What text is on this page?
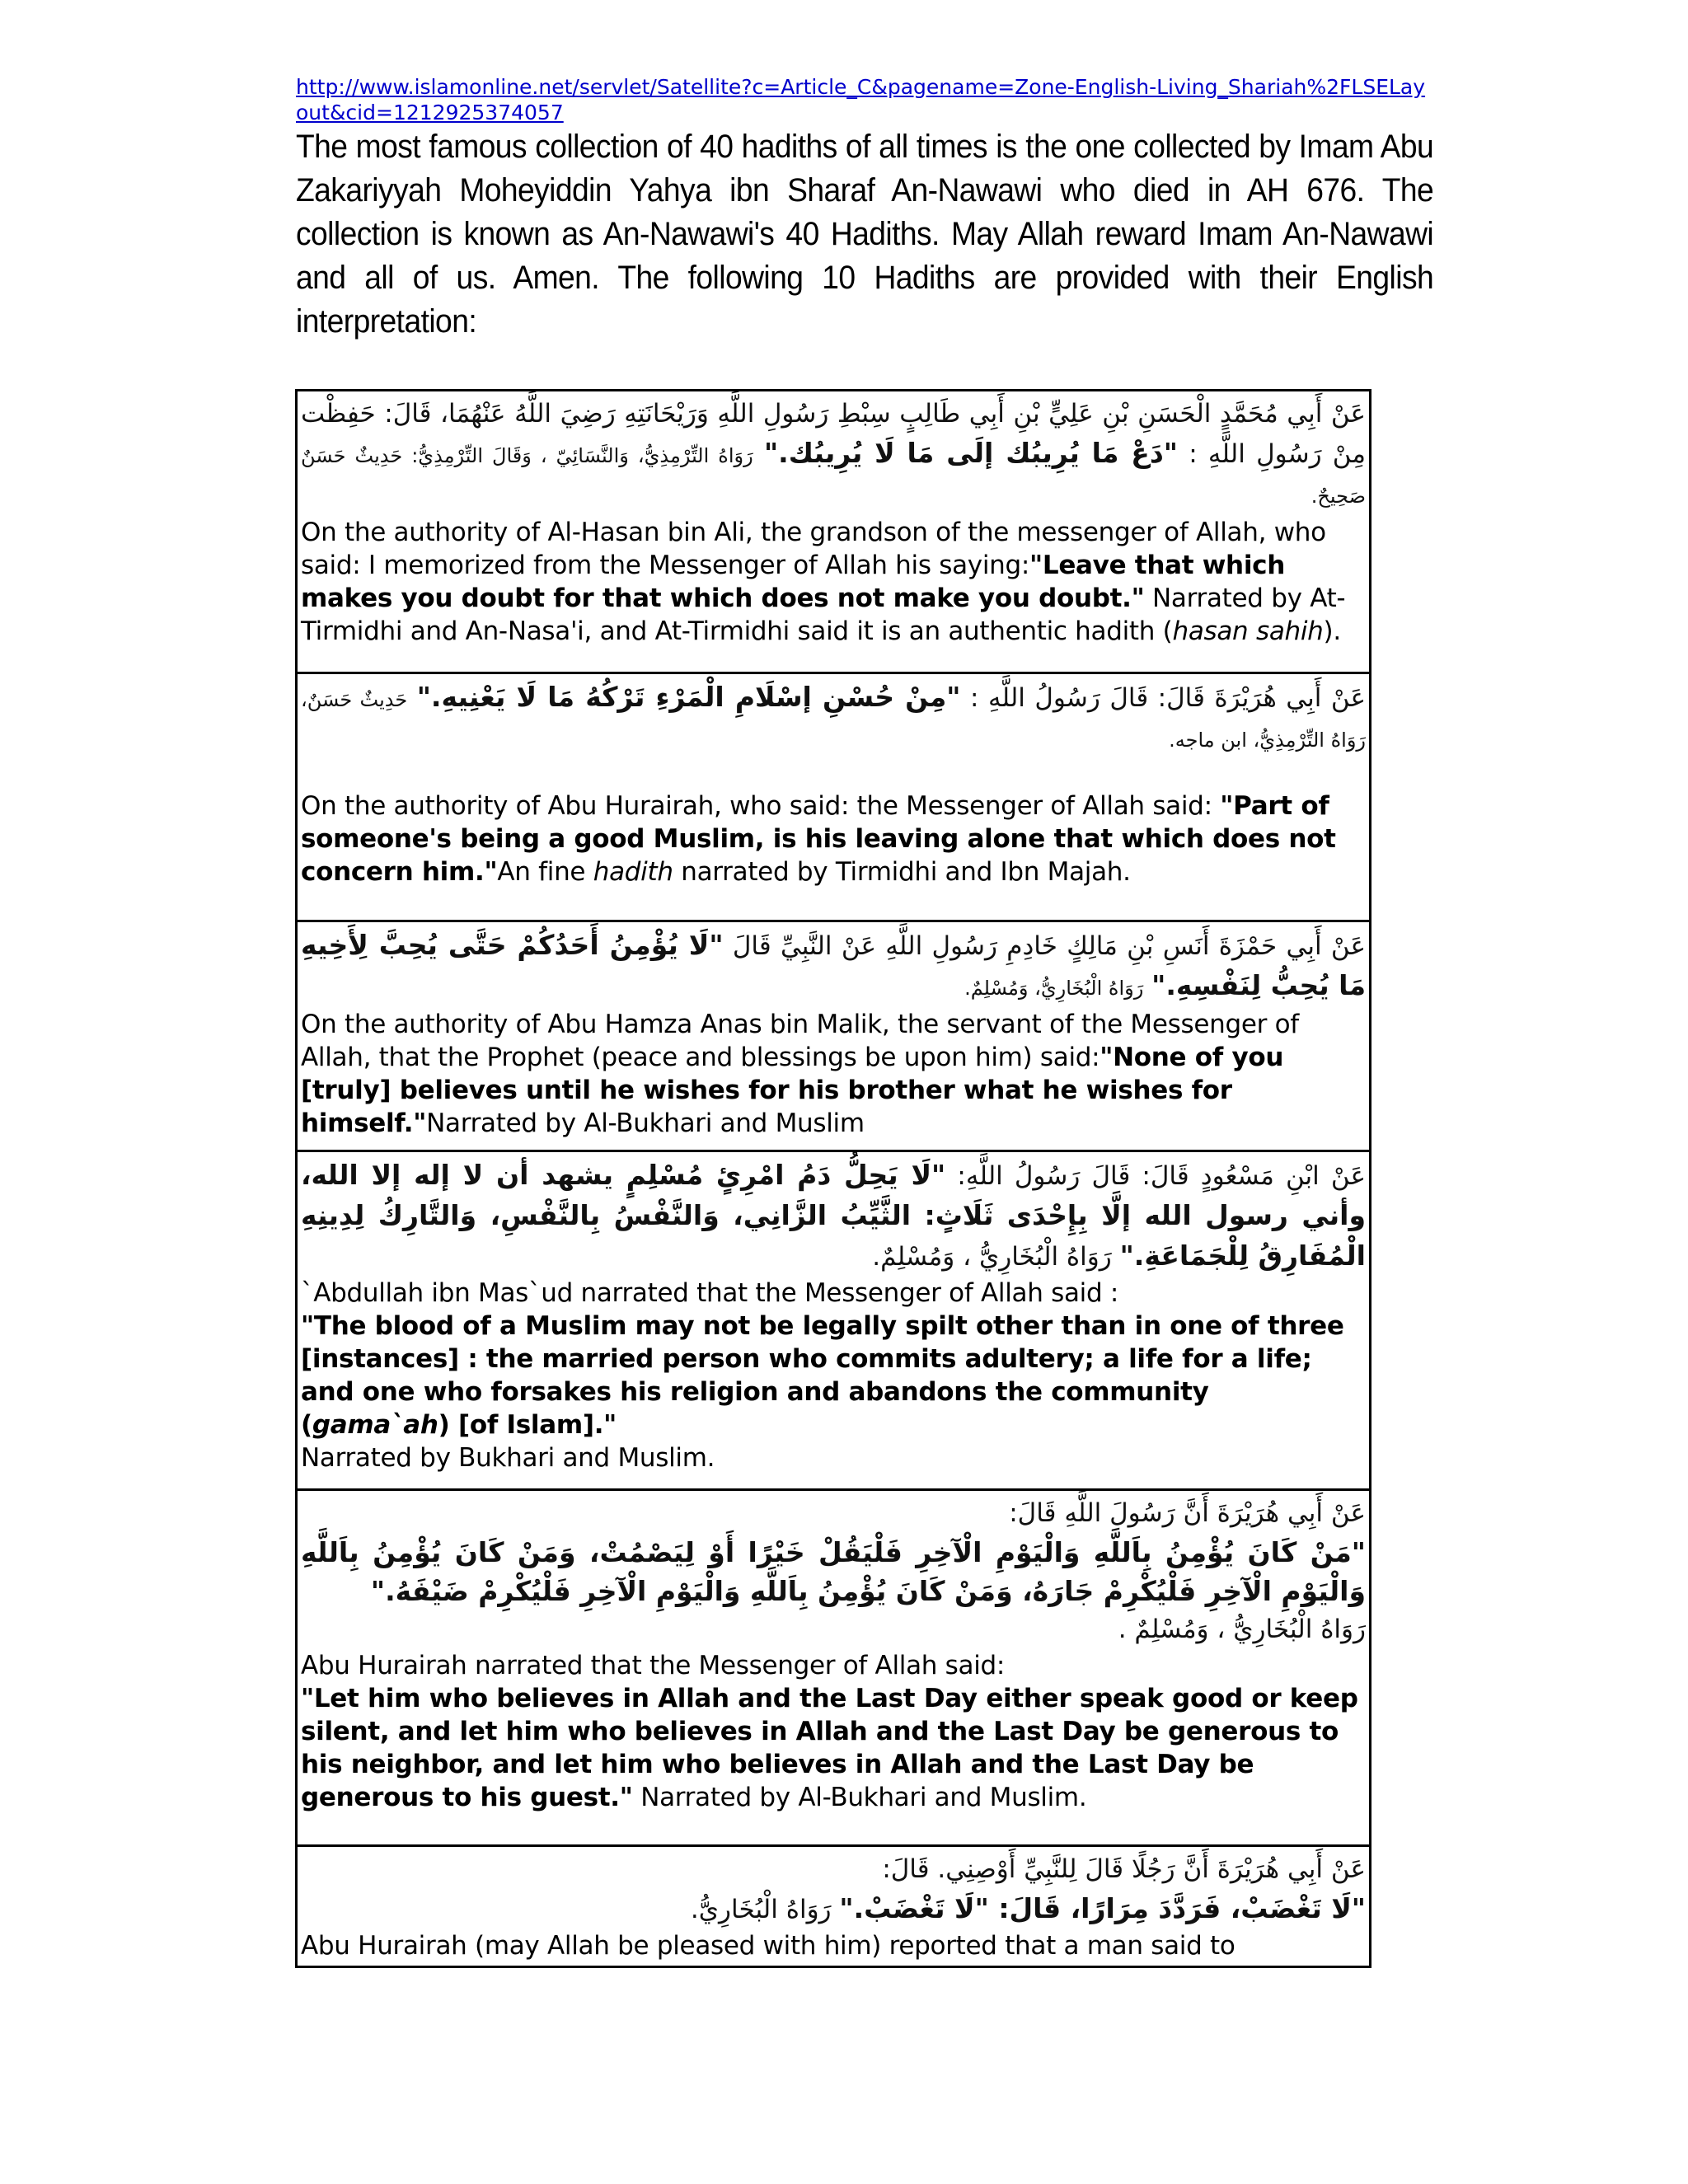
http://www.islamonline.net/servlet/Satellite?c=Article_C&pagename=Zone-English-Living_Shariah%2FLSELayout&cid=1212925374057
The most famous collection of 40 hadiths of all times is the one collected by Imam Abu Zakariyyah Moheyiddin Yahya ibn Sharaf An-Nawawi who died in AH 676. The collection is known as An-Nawawi's 40 Hadiths. May Allah reward Imam An-Nawawi and all of us. Amen. The following 10 Hadiths are provided with their English interpretation:
عَنْ أَبِي مُحَمَّدٍ الْحَسَنِ بْنِ عَلِيٍّ بْنِ أَبِي طَالِبٍ سِبْطِ رَسُولِ اللَّهِ وَرَيْحَانَتِهِ رَضِيَ اللَّهُ عَنْهُمَا، قَالَ: حَفِظْت مِنْ رَسُولِ اللَّهِ : "دَعْ مَا يُرِيبُك إلَى مَا لَا يُرِيبُك." رَوَاهُ التِّرْمِذِيُّ، وَالنَّسَائِيّ ، وَقَالَ التِّرْمِذِيُّ: حَدِيثٌ حَسَنٌ صَحِيحٌ.
On the authority of Al-Hasan bin Ali, the grandson of the messenger of Allah, who said: I memorized from the Messenger of Allah his saying:"Leave that which makes you doubt for that which does not make you doubt." Narrated by At-Tirmidhi and An-Nasa'i, and At-Tirmidhi said it is an authentic hadith (hasan sahih).

عَنْ أَبِي هُرَيْرَةَ قَالَ: قَالَ رَسُولُ اللَّهِ : "مِنْ حُسْنِ إسْلَامِ الْمَرْءِ تَرْكُهُ مَا لَا يَعْنِيهِ." حَدِيثٌ حَسَنٌ، رَوَاهُ التِّرْمِذِيُّ، ابن ماجه.
On the authority of Abu Hurairah, who said: the Messenger of Allah said: "Part of someone's being a good Muslim, is his leaving alone that which does not concern him."An fine hadith narrated by Tirmidhi and Ibn Majah.

عَنْ أَبِي حَمْزَةَ أَنَسِ بْنِ مَالِكٍ خَادِمِ رَسُولِ اللَّهِ عَنْ النَّبِيِّ قَالَ "لَا يُؤْمِنُ أَحَدُكُمْ حَتَّى يُحِبَّ لِأَخِيهِ مَا يُحِبُّ لِنَفْسِهِ." رَوَاهُ الْبُخَارِيُّ، وَمُسْلِمٌ.
On the authority of Abu Hamza Anas bin Malik, the servant of the Messenger of Allah, that the Prophet (peace and blessings be upon him) said:"None of you [truly] believes until he wishes for his brother what he wishes for himself."Narrated by Al-Bukhari and Muslim

عَنْ ابْنِ مَسْعُودٍ قَالَ: قَالَ رَسُولُ اللَّهِ: "لَا يَحِلُّ دَمُ امْرِئٍ مُسْلِمٍ يشهد أن لا إله إلا الله، وأني رسول الله إلَّا بِإِحْدَى ثَلَاثٍ: الثَّيِّبُ الزَّانِي، وَالنَّفْسُ بِالنَّفْسِ، وَالتَّارِكُ لِدِينِهِ الْمُفَارِقُ لِلْجَمَاعَةِ." رَوَاهُ الْبُخَارِيُّ ، وَمُسْلِمٌ.
`Abdullah ibn Mas`ud narrated that the Messenger of Allah said :
"The blood of a Muslim may not be legally spilt other than in one of three [instances] : the married person who commits adultery; a life for a life; and one who forsakes his religion and abandons the community (gama`ah) [of Islam]."
Narrated by Bukhari and Muslim.

عَنْ أَبِي هُرَيْرَةَ أَنَّ رَسُولَ اللَّهِ قَالَ:
"مَنْ كَانَ يُؤْمِنُ بِاَللَّهِ وَالْيَوْمِ الْآخِرِ فَلْيَقُلْ خَيْرًا أَوْ لِيَصْمُتْ، وَمَنْ كَانَ يُؤْمِنُ بِاَللَّهِ وَالْيَوْمِ الْآخِرِ فَلْيُكْرِمْ جَارَهُ، وَمَنْ كَانَ يُؤْمِنُ بِاَللَّهِ وَالْيَوْمِ الْآخِرِ فَلْيُكْرِمْ ضَيْفَهُ."
رَوَاهُ الْبُخَارِيُّ ، وَمُسْلِمٌ .
Abu Hurairah narrated that the Messenger of Allah said:
"Let him who believes in Allah and the Last Day either speak good or keep silent, and let him who believes in Allah and the Last Day be generous to his neighbor, and let him who believes in Allah and the Last Day be generous to his guest." Narrated by Al-Bukhari and Muslim.

عَنْ أَبِي هُرَيْرَةَ أَنَّ رَجُلًا قَالَ لِلنَّبِيِّ أَوْصِنِي. قَالَ:
"لَا تَغْضَبْ، فَرَدَّدَ مِرَارًا، قَالَ: "لَا تَغْضَبْ." رَوَاهُ الْبُخَارِيُّ.
Abu Hurairah (may Allah be pleased with him) reported that a man said to
